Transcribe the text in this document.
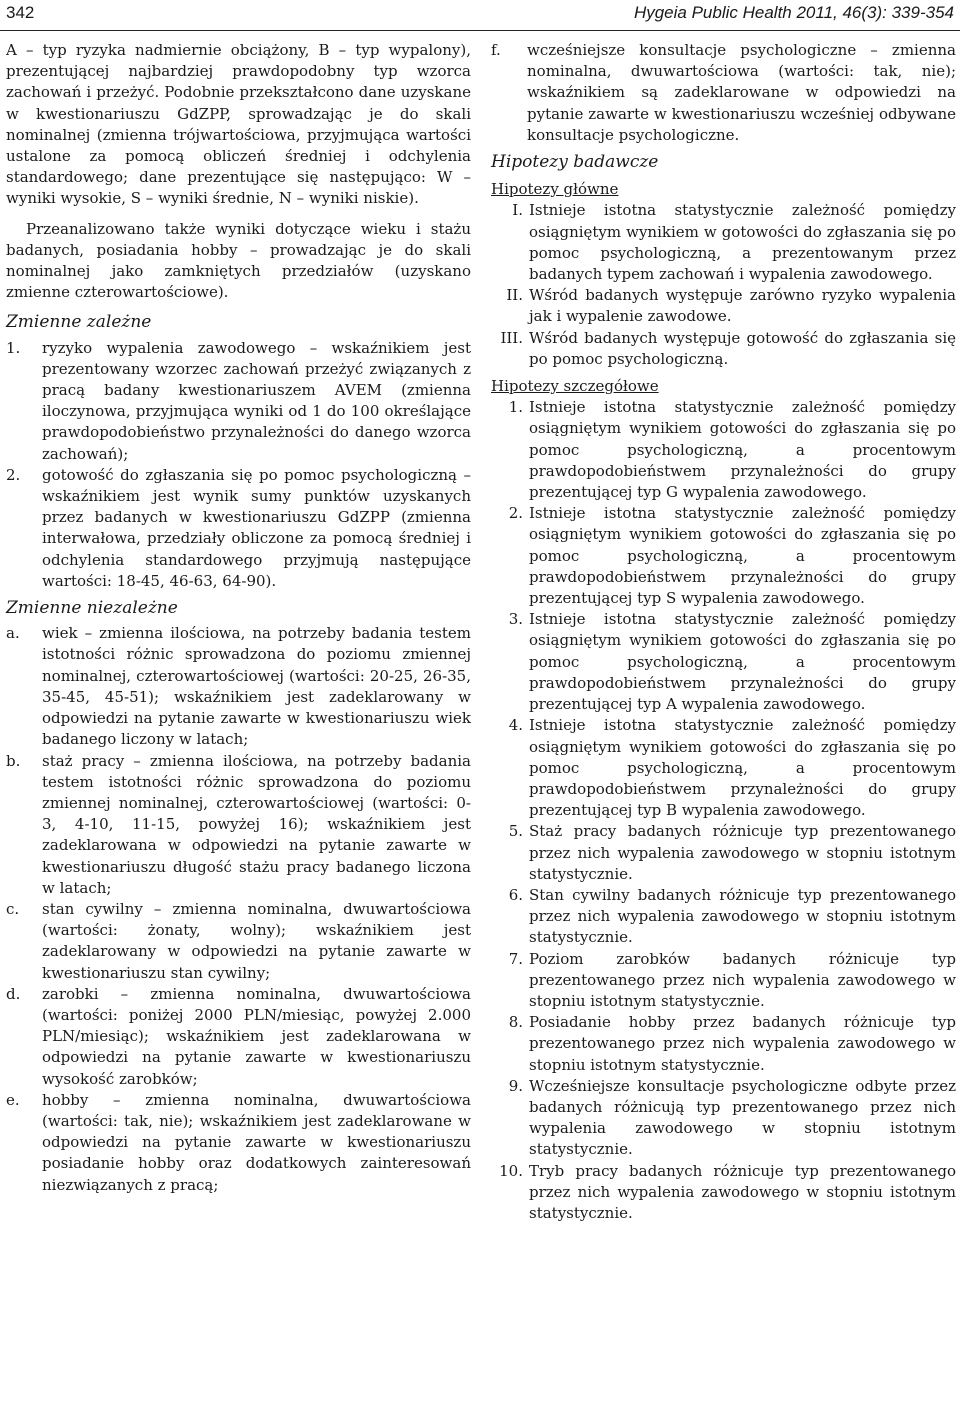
342	Hygeia Public Health 2011, 46(3): 339-354

A – typ ryzyka nadmiernie obciążony, B – typ wypalony), prezentującej najbardziej prawdopodobny typ wzorca zachowań i przeżyć. Podobnie przekształcono dane uzyskane w kwestionariuszu GdZPP, sprowadzając je do skali nominalnej (zmienna trójwartościowa, przyjmująca wartości ustalone za pomocą obliczeń średniej i odchylenia standardowego; dane prezentujące się następująco: W – wyniki wysokie, S – wyniki średnie, N – wyniki niskie).

Przeanalizowano także wyniki dotyczące wieku i stażu badanych, posiadania hobby – prowadzając je do skali nominalnej jako zamkniętych przedziałów (uzyskano zmienne czterowartościowe).

Zmienne zależne
1.	ryzyko wypalenia zawodowego – wskaźnikiem jest prezentowany wzorzec zachowań przeżyć związanych z pracą badany kwestionariuszem AVEM (zmienna iloczynowa, przyjmująca wyniki od 1 do 100 określające prawdopodobieństwo przynależności do danego wzorca zachowań);
2.	gotowość do zgłaszania się po pomoc psychologiczną – wskaźnikiem jest wynik sumy punktów uzyskanych przez badanych w kwestionariuszu GdZPP (zmienna interwałowa, przedziały obliczone za pomocą średniej i odchylenia standardowego przyjmują następujące wartości: 18-45, 46-63, 64-90).
Zmienne niezależne
a.	wiek – zmienna ilościowa, na potrzeby badania testem istotności różnic sprowadzona do poziomu zmiennej nominalnej, czterowartościowej (wartości: 20-25, 26-35, 35-45, 45-51); wskaźnikiem jest zadeklarowany w odpowiedzi na pytanie zawarte w kwestionariuszu wiek badanego liczony w latach;
b.	staż pracy – zmienna ilościowa, na potrzeby badania testem istotności różnic sprowadzona do poziomu zmiennej nominalnej, czterowartościowej (wartości: 0-3, 4-10, 11-15, powyżej 16); wskaźnikiem jest zadeklarowana w odpowiedzi na pytanie zawarte w kwestionariuszu długość stażu pracy badanego liczona w latach;
c.	stan cywilny – zmienna nominalna, dwuwartościowa (wartości: żonaty, wolny); wskaźnikiem jest zadeklarowany w odpowiedzi na pytanie zawarte w kwestionariuszu stan cywilny;
d.	zarobki – zmienna nominalna, dwuwartościowa (wartości: poniżej 2000 PLN/miesiąc, powyżej 2.000 PLN/miesiąc); wskaźnikiem jest zadeklarowana w odpowiedzi na pytanie zawarte w kwestionariuszu wysokość zarobków;
e.	hobby – zmienna nominalna, dwuwartościowa (wartości: tak, nie); wskaźnikiem jest zadeklarowane w odpowiedzi na pytanie zawarte w kwestionariuszu posiadanie hobby oraz dodatkowych zainteresowań niezwiązanych z pracą;
f.	wcześniejsze konsultacje psychologiczne – zmienna nominalna, dwuwartościowa (wartości: tak, nie); wskaźnikiem są zadeklarowane w odpowiedzi na pytanie zawarte w kwestionariuszu wcześniej odbywane konsultacje psychologiczne.
Hipotezy badawcze
Hipotezy główne
I. Istnieje istotna statystycznie zależność pomiędzy osiągniętym wynikiem w gotowości do zgłaszania się po pomoc psychologiczną, a prezentowanym przez badanych typem zachowań i wypalenia zawodowego.
II. Wśród badanych występuje zarówno ryzyko wypalenia jak i wypalenie zawodowe.
III. Wśród badanych występuje gotowość do zgłaszania się po pomoc psychologiczną.
Hipotezy szczegółowe
1. Istnieje istotna statystycznie zależność pomiędzy osiągniętym wynikiem gotowości do zgłaszania się po pomoc psychologiczną, a procentowym prawdopodobieństwem przynależności do grupy prezentującej typ G wypalenia zawodowego.
2. Istnieje istotna statystycznie zależność pomiędzy osiągniętym wynikiem gotowości do zgłaszania się po pomoc psychologiczną, a procentowym prawdopodobieństwem przynależności do grupy prezentującej typ S wypalenia zawodowego.
3. Istnieje istotna statystycznie zależność pomiędzy osiągniętym wynikiem gotowości do zgłaszania się po pomoc psychologiczną, a procentowym prawdopodobieństwem przynależności do grupy prezentującej typ A wypalenia zawodowego.
4. Istnieje istotna statystycznie zależność pomiędzy osiągniętym wynikiem gotowości do zgłaszania się po pomoc psychologiczną, a procentowym prawdopodobieństwem przynależności do grupy prezentującej typ B wypalenia zawodowego.
5. Staż pracy badanych różnicuje typ prezentowanego przez nich wypalenia zawodowego w stopniu istotnym statystycznie.
6. Stan cywilny badanych różnicuje typ prezentowanego przez nich wypalenia zawodowego w stopniu istotnym statystycznie.
7. Poziom zarobków badanych różnicuje typ prezentowanego przez nich wypalenia zawodowego w stopniu istotnym statystycznie.
8. Posiadanie hobby przez badanych różnicuje typ prezentowanego przez nich wypalenia zawodowego w stopniu istotnym statystycznie.
9. Wcześniejsze konsultacje psychologiczne odbyte przez badanych różnicują typ prezentowanego przez nich wypalenia zawodowego w stopniu istotnym statystycznie.
10. Tryb pracy badanych różnicuje typ prezentowanego przez nich wypalenia zawodowego w stopniu istotnym statystycznie.
